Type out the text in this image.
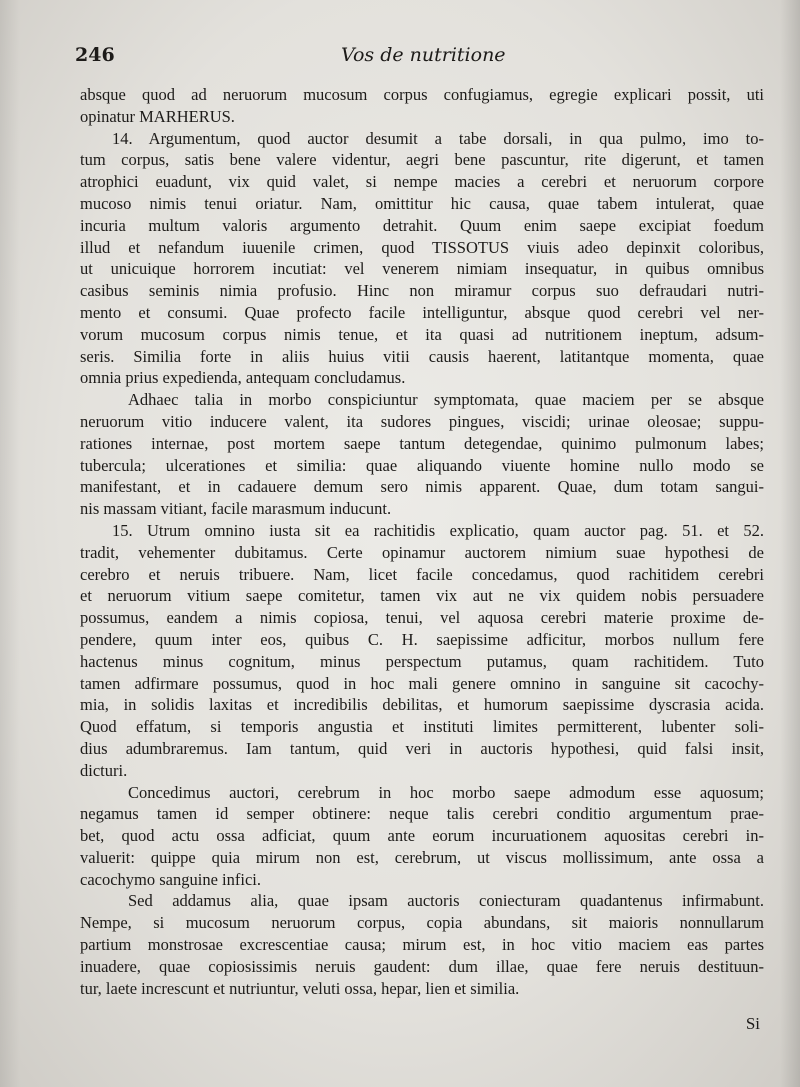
246	Vos de nutritione
absque quod ad neruorum mucosum corpus confugiamus, egregie explicari possit, uti
opinatur MARHERUS.
14. Argumentum, quod auctor desumit a tabe dorsali, in qua pulmo, imo to-
tum corpus, satis bene valere videntur, aegri bene pascuntur, rite digerunt, et tamen
atrophici euadunt, vix quid valet, si nempe macies a cerebri et neruorum corpore
mucoso nimis tenui oriatur. Nam, omittitur hic causa, quae tabem intulerat, quae
incuria multum valoris argumento detrahit. Quum enim saepe excipiat foedum
illud et nefandum iuuenile crimen, quod TISSOTUS viuis adeo depinxit coloribus,
ut unicuique horrorem incutiat: vel venerem nimiam insequatur, in quibus omnibus
casibus seminis nimia profusio. Hinc non miramur corpus suo defraudari nutri-
mento et consumi. Quae profecto facile intelliguntur, absque quod cerebri vel ner-
vorum mucosum corpus nimis tenue, et ita quasi ad nutritionem ineptum, adsum-
seris. Similia forte in aliis huius vitii causis haerent, latitantque momenta, quae
omnia prius expedienda, antequam concludamus.
Adhaec talia in morbo conspiciuntur symptomata, quae maciem per se absque
neruorum vitio inducere valent, ita sudores pingues, viscidi; urinae oleosae; suppu-
rationes internae, post mortem saepe tantum detegendae, quinimo pulmonum labes;
tubercula; ulcerationes et similia: quae aliquando viuente homine nullo modo se
manifestant, et in cadauere demum sero nimis apparent. Quae, dum totam sangui-
nis massam vitiant, facile marasmum inducunt.
15. Utrum omnino iusta sit ea rachitidis explicatio, quam auctor pag. 51. et 52.
tradit, vehementer dubitamus. Certe opinamur auctorem nimium suae hypothesi de
cerebro et neruis tribuere. Nam, licet facile concedamus, quod rachitidem cerebri
et neruorum vitium saepe comitetur, tamen vix aut ne vix quidem nobis persuadere
possumus, eandem a nimis copiosa, tenui, vel aquosa cerebri materie proxime de-
pendere, quum inter eos, quibus C. H. saepissime adficitur, morbos nullum fere
hactenus minus cognitum, minus perspectum putamus, quam rachitidem. Tuto
tamen adfirmare possumus, quod in hoc mali genere omnino in sanguine sit cacochy-
mia, in solidis laxitas et incredibilis debilitas, et humorum saepissime dyscrasia acida.
Quod effatum, si temporis angustia et instituti limites permitterent, lubenter soli-
dius adumbraremus. Iam tantum, quid veri in auctoris hypothesi, quid falsi insit,
dicturi.
Concedimus auctori, cerebrum in hoc morbo saepe admodum esse aquosum;
negamus tamen id semper obtinere: neque talis cerebri conditio argumentum prae-
bet, quod actu ossa adficiat, quum ante eorum incuruationem aquositas cerebri in-
valuerit: quippe quia mirum non est, cerebrum, ut viscus mollissimum, ante ossa a
cacochymo sanguine infici.
Sed addamus alia, quae ipsam auctoris coniecturam quadantenus infirmabunt.
Nempe, si mucosum neruorum corpus, copia abundans, sit maioris nonnullarum
partium monstrosae excrescentiae causa; mirum est, in hoc vitio maciem eas partes
inuadere, quae copiosissimis neruis gaudent: dum illae, quae fere neruis destituun-
tur, laete increscunt et nutriuntur, veluti ossa, hepar, lien et similia.
Si
